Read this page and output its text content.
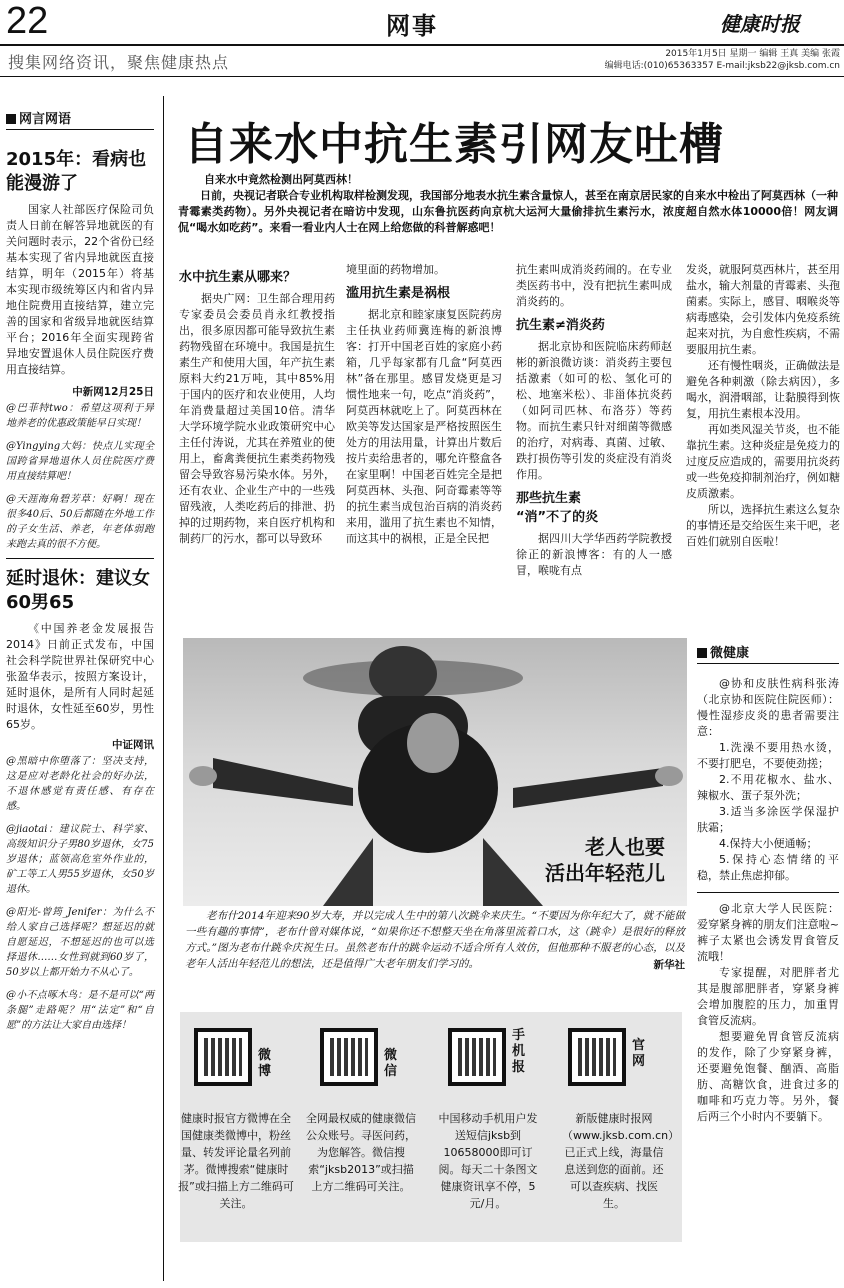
22	网事	健康时报
搜集网络资讯，聚焦健康热点	2015年1月5日 星期一 编辑 王真 美编 张霞
编辑电话:(010)65363357 E-mail:jksb22@jksb.com.cn
网言网语
2015年：看病也能漫游了

国家人社部医疗保险司负责人日前在解答异地就医的有关问题时表示，22个省份已经基本实现了省内异地就医直接结算，明年（2015年）将基本实现市级统筹区内和省内异地住院费用直接结算，建立完善的国家和省级异地就医结算平台；2016年全面实现跨省异地安置退休人员住院医疗费用直接结算。

中新网12月25日

@巴菲特two：希望这项利于异地养老的优惠政策能早日实现！

@Yingying大妈：快点儿实现全国跨省异地退休人员住院医疗费用直接结算吧！

@天涯海角碧芳草：好啊！现在很多40后、50后都随在外地工作的子女生活、养老，年老体弱跑来跑去真的很不方便。

延时退休：建议女60男65

《中国养老金发展报告2014》日前正式发布，中国社会科学院世界社保研究中心张盈华表示，按照方案设计，延时退休，是所有人同时起延时退休，女性延至60岁，男性65岁。

中证网讯

@黑暗中你堕落了：坚决支持，这是应对老龄化社会的好办法，不退休感觉有责任感、有存在感。

@jiaotai：建议院士、科学家、高级知识分子男80岁退休，女75岁退休；蓝领高危室外作业的，矿工等工人男55岁退休，女50岁退休。

@阳光-曾筠_Jenifer：为什么不给人家自己选择呢？想延迟的就自愿延迟，不想延迟的也可以选择退休……女性到就到60岁了，50岁以上都开始力不从心了。

@小不点啄木鸟：是不是可以“两条腿”走路呢？用“法定”和“自愿”的方法让大家自由选择！

自来水中抗生素引网友吐槽

自来水中竟然检测出阿莫西林！

日前，央视记者联合专业机构取样检测发现，我国部分地表水抗生素含量惊人，甚至在南京居民家的自来水中检出了阿莫西林（一种青霉素类药物）。另外央视记者在暗访中发现，山东鲁抗医药向京杭大运河大量偷排抗生素污水，浓度超自然水体10000倍！网友调侃“喝水如吃药”。来看一看业内人士在网上给您做的科普解惑吧！

水中抗生素从哪来？

据央广网：卫生部合理用药专家委员会委员肖永红教授指出，很多原因都可能导致抗生素药物残留在环境中。我国是抗生素生产和使用大国，年产抗生素原料大约21万吨，其中85%用于国内的医疗和农业使用，人均年消费量超过美国10倍。清华大学环境学院水业政策研究中心主任付涛说，尤其在养殖业的使用上，畜禽粪便抗生素类药物残留会导致容易污染水体。另外，还有农业、企业生产中的一些残留残液，人类吃药后的排泄、扔掉的过期药物，来自医疗机构和制药厂的污水，都可以导致环

境里面的药物增加。

滥用抗生素是祸根

据北京和睦家康复医院药房主任执业药师冀连梅的新浪博客：打开中国老百姓的家庭小药箱，几乎每家都有几盒“阿莫西林”备在那里。感冒发烧更是习惯性地来一句，吃点“消炎药”，阿莫西林就吃上了。阿莫西林在欧美等发达国家是严格按照医生处方的用法用量，计算出片数后按片卖给患者的，哪允许整盒各在家里啊！中国老百姓完全是把阿莫西林、头孢、阿奇霉素等等的抗生素当成包治百病的消炎药来用，滥用了抗生素也不知情，而这其中的祸根，正是全民把

抗生素叫成消炎药闹的。在专业类医药书中，没有把抗生素叫成消炎药的。

抗生素≠消炎药

据北京协和医院临床药师赵彬的新浪微访谈：消炎药主要包括激素（如可的松、氢化可的松、地塞米松）、非甾体抗炎药（如阿司匹林、布洛芬）等药物。而抗生素只针对细菌等微感的治疗，对病毒、真菌、过敏、跌打损伤等引发的炎症没有消炎作用。

那些抗生素
“消”不了的炎

据四川大学华西药学院教授徐正的新浪博客：有的人一感冒，喉咙有点

发炎，就服阿莫西林片，甚至用盐水，输大剂量的青霉素、头孢菌素。实际上，感冒、咽喉炎等病毒感染，会引发体内免疫系统起来对抗，为自愈性疾病，不需要服用抗生素。

还有慢性咽炎，正确做法是避免各种刺激（除去病因），多喝水，润滑咽部，让黏膜得到恢复，用抗生素根本没用。

再如类风湿关节炎，也不能靠抗生素。这种炎症是免疫力的过度反应造成的，需要用抗炎药或一些免疫抑制剂治疗，例如糖皮质激素。

所以，选择抗生素这么复杂的事情还是交给医生来干吧，老百姓们就别自医啦！

老人也要
活出年轻范儿

老布什2014年迎来90岁大寿，并以完成人生中的第八次跳伞来庆生。“不要因为你年纪大了，就不能做一些有趣的事情”，老布什曾对媒体说，“如果你还不想整天坐在角落里流着口水，这（跳伞）是很好的释放方式。”图为老布什跳伞庆祝生日。虽然老布什的跳伞运动不适合所有人效仿，但他那种不服老的心态，以及老年人活出年轻范儿的想法，还是值得广大老年朋友们学习的。	新华社

微博
健康时报官方微博在全国健康类微博中，粉丝量、转发评论量名列前茅。微博搜索“健康时报”或扫描上方二维码可关注。
微信
全网最权威的健康微信公众账号。寻医问药，为您解答。微信搜索“jksb2013”或扫描上方二维码可关注。
手机报
中国移动手机用户发送短信jksb到10658000即可订阅。每天二十条图文健康资讯享不停，5元/月。
官网
新版健康时报网（www.jksb.com.cn）已正式上线，海量信息送到您的面前。还可以查疾病、找医生。
微健康

@协和皮肤性病科张涛（北京协和医院住院医师）：慢性湿疹皮炎的患者需要注意：

1.洗澡不要用热水烫，不要打肥皂，不要使劲搓；

2.不用花椒水、盐水、辣椒水、蛋子泵外洗；

3.适当多涂医学保湿护肤霜；

4.保持大小便通畅；

5.保持心态情绪的平稳，禁止焦虑抑郁。

@北京大学人民医院：爱穿紧身裤的朋友们注意啦~裤子太紧也会诱发胃食管反流哦！

专家提醒，对肥胖者尤其是腹部肥胖者，穿紧身裤会增加腹腔的压力，加重胃食管反流病。

想要避免胃食管反流病的发作，除了少穿紧身裤，还要避免饱餐、酗酒、高脂肪、高糖饮食，进食过多的咖啡和巧克力等。另外，餐后两三个小时内不要躺下。
